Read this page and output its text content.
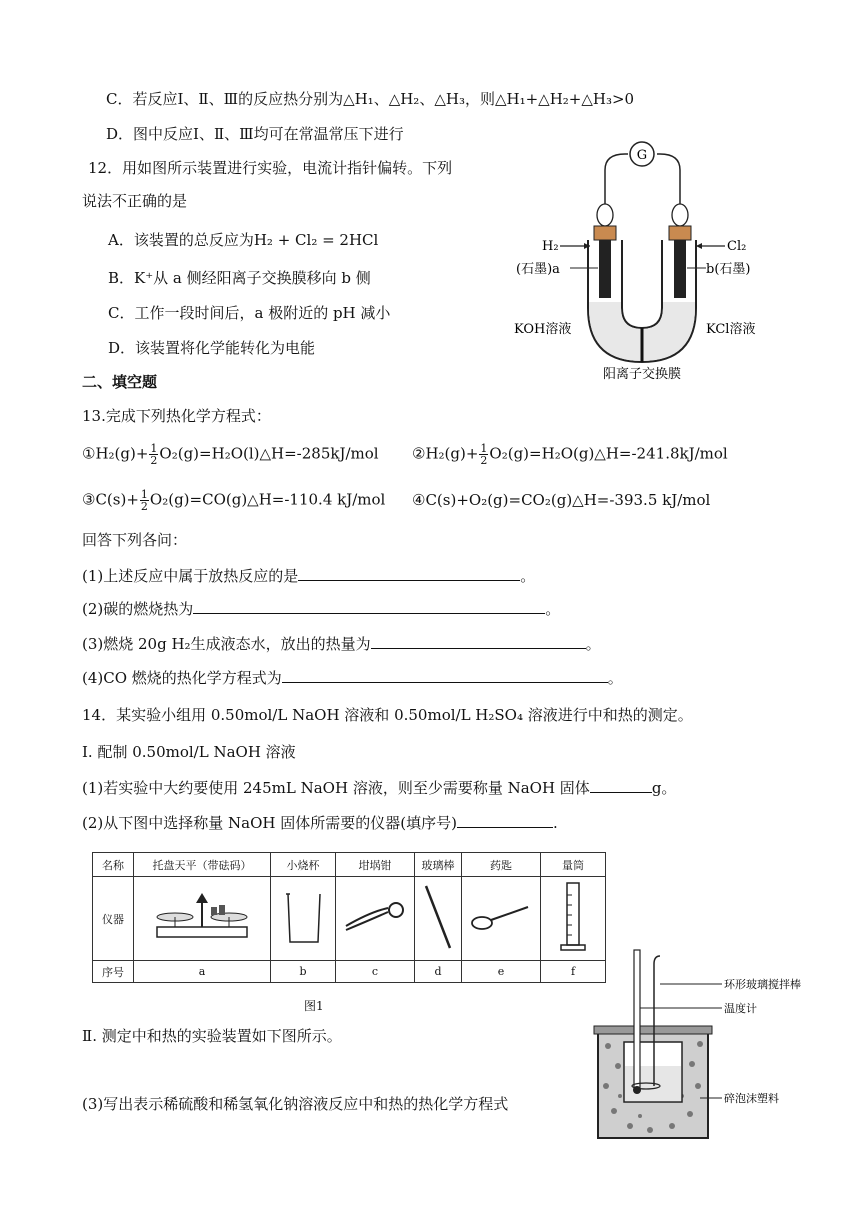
C．若反应Ⅰ、Ⅱ、Ⅲ的反应热分别为△H₁、△H₂、△H₃，则△H₁+△H₂+△H₃>0
D．图中反应Ⅰ、Ⅱ、Ⅲ均可在常温常压下进行
12．用如图所示装置进行实验，电流计指针偏转。下列
说法不正确的是
A．该装置的总反应为H₂ + Cl₂ = 2HCl
B．K⁺从 a 侧经阳离子交换膜移向 b 侧
C．工作一段时间后，a 极附近的 pH 减小
D．该装置将化学能转化为电能
G
H₂	Cl₂
(石墨)a	b(石墨)
KOH溶液	KCl溶液
阳离子交换膜
二、填空题
13.完成下列热化学方程式：
①H₂(g)+ $\frac{1}{2}$ O₂(g)=H₂O(l)△H=-285kJ/mol ②H₂(g)+ $\frac{1}{2}$ O₂(g)=H₂O(g)△H=-241.8kJ/mol
③C(s)+ $\frac{1}{2}$ O₂(g)=CO(g)△H=-110.4 kJ/mol ④C(s)+O₂(g)=CO₂(g)△H=-393.5 kJ/mol
回答下列各问：
(1)上述反应中属于放热反应的是	。
(2)碳的燃烧热为	。
(3)燃烧 20g H₂生成液态水，放出的热量为	。
(4)CO 燃烧的热化学方程式为	。
14．某实验小组用 0.50mol/L NaOH 溶液和 0.50mol/L H₂SO₄ 溶液进行中和热的测定。
Ⅰ. 配制 0.50mol/L NaOH 溶液
(1)若实验中大约要使用 245mL NaOH 溶液，则至少需要称量 NaOH 固体	g。
(2)从下图中选择称量 NaOH 固体所需要的仪器(填序号)	.
名称	托盘天平（带砝码）	小烧杯	坩埚钳	玻璃棒	药匙	量筒
仪器						
序号	a	b	c	d	e	f
图1
Ⅱ. 测定中和热的实验装置如下图所示。
(3)写出表示稀硫酸和稀氢氧化钠溶液反应中和热的热化学方程式
环形玻璃搅拌棒
温度计
碎泡沫塑料
